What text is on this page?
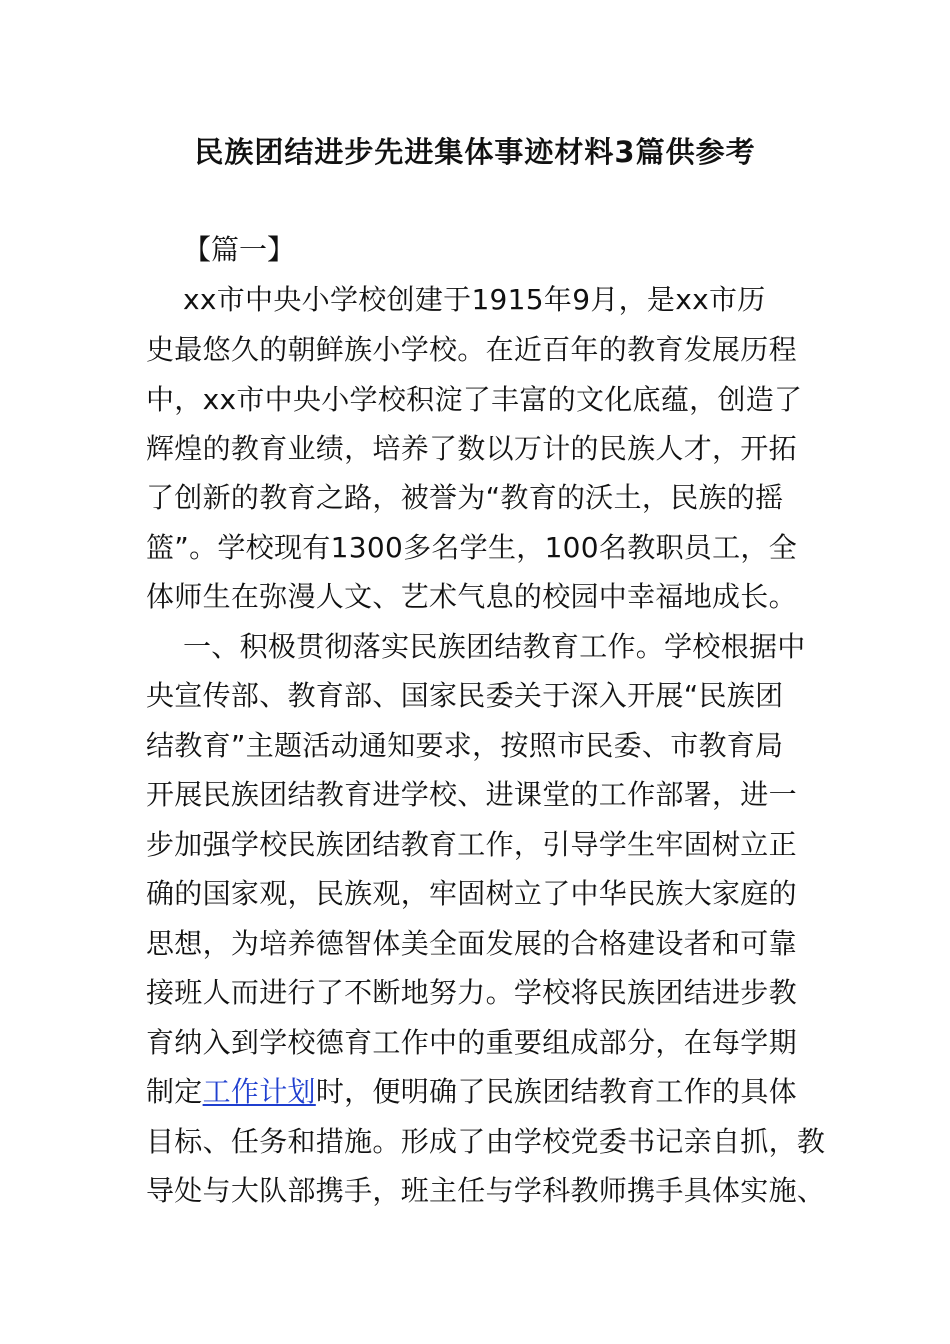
民族团结进步先进集体事迹材料3篇供参考
【篇一】
xx市中央小学校创建于1915年9月，是xx市历
史最悠久的朝鲜族小学校。在近百年的教育发展历程
中，xx市中央小学校积淀了丰富的文化底蕴，创造了
辉煌的教育业绩，培养了数以万计的民族人才，开拓
了创新的教育之路，被誉为“教育的沃土，民族的摇
篮”。学校现有1300多名学生，100名教职员工，全
体师生在弥漫人文、艺术气息的校园中幸福地成长。
一、积极贯彻落实民族团结教育工作。学校根据中
央宣传部、教育部、国家民委关于深入开展“民族团
结教育”主题活动通知要求，按照市民委、市教育局
开展民族团结教育进学校、进课堂的工作部署，进一
步加强学校民族团结教育工作，引导学生牢固树立正
确的国家观，民族观，牢固树立了中华民族大家庭的
思想，为培养德智体美全面发展的合格建设者和可靠
接班人而进行了不断地努力。学校将民族团结进步教
育纳入到学校德育工作中的重要组成部分，在每学期
制定工作计划时，便明确了民族团结教育工作的具体
目标、任务和措施。形成了由学校党委书记亲自抓，教
导处与大队部携手，班主任与学科教师携手具体实施、
